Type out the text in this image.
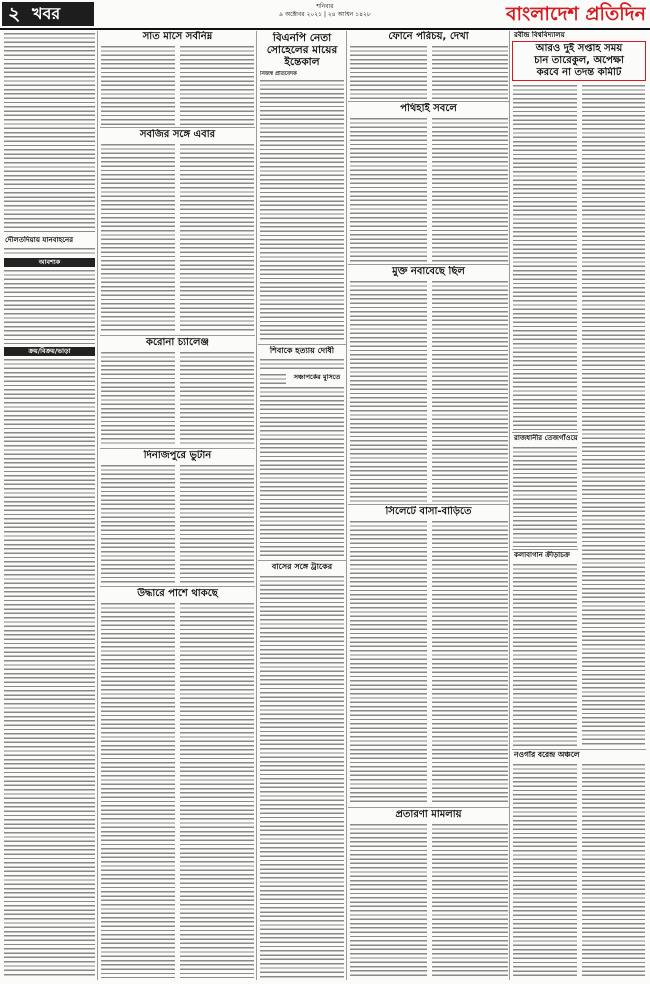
২ খবর	শনিবার
৯ অক্টোবর ২০২১ | ২৪ আশ্বিন ১৪২৮	বাংলাদেশ প্রতিদিন
দৌলতদিয়ায় যানবাহনের
আবশ্যক
ক্রয়/বিক্রয়/ভাড়া
সাত মাসে সর্বনিম্ন
সবজির সঙ্গে এবার
করোনা চ্যালেঞ্জ
দিনাজপুরে ভুটান
উদ্ধারে পাশে থাকছে
বিএনপি নেতা
সোহেলের মায়ের
ইন্তেকাল
নিজস্ব প্রতিবেদক
শিবাকে হত্যায় দোষী
সঞ্চাপর্কের মুসিতে
বাসের সঙ্গে ট্রাকের
ফোনে পরিচয়, দেখা
পথিহাই সবলে
মুক্ত নবাবেছে ছিল
সিলেটে বাসা-বাড়িতে
প্রতারণা মামলায়
রবীন্দ্র বিশ্ববিদ্যালয়
আরও দুই সপ্তাহ সময়
চান তারেকুল, অপেক্ষা
করবে না তদন্ত কমিটি
রাজধানীর তেজগাঁওয়ে
কলাবাগান ক্রীড়াচক্র
নওগাঁর বরেন্দ্র অঞ্চলে
